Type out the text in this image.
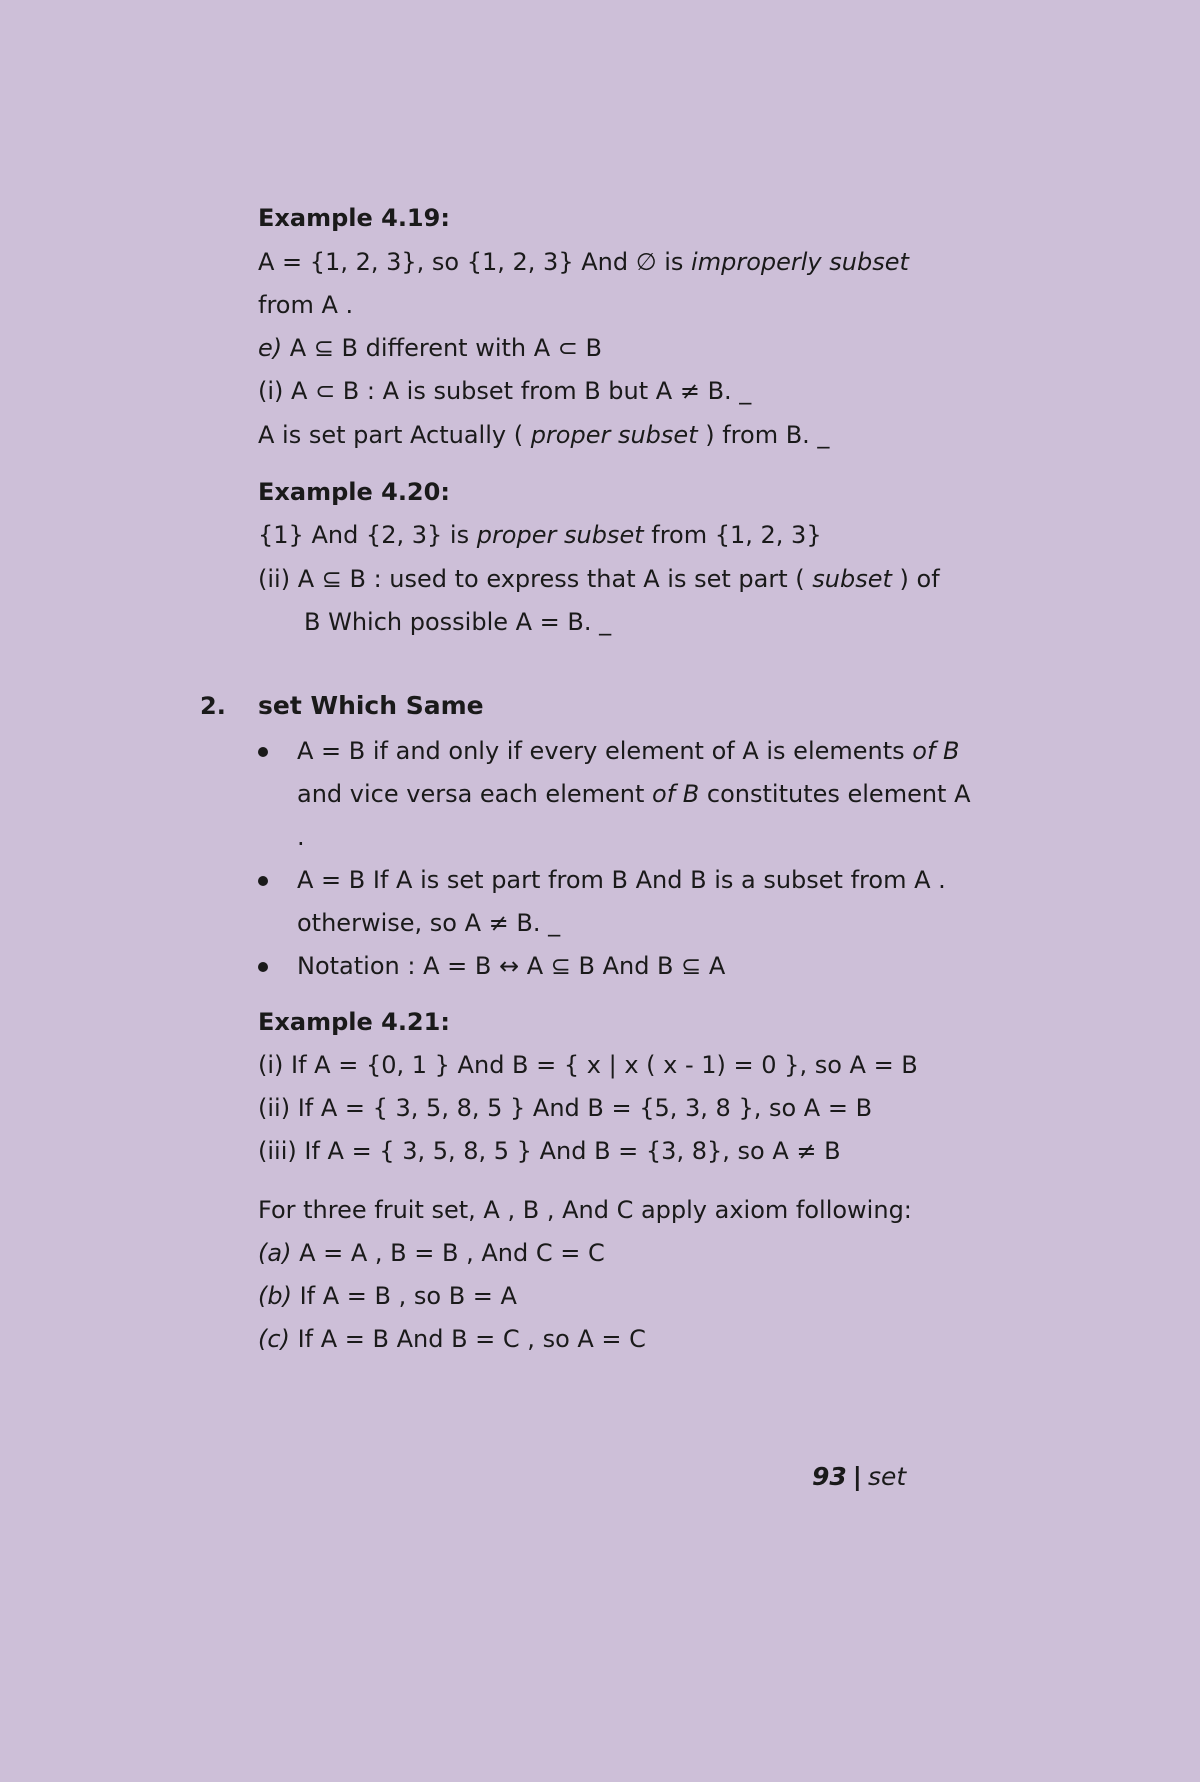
Example 4.19:
A = {1, 2, 3}, so {1, 2, 3} And ∅ is improperly subset
from A .
e) A ⊆ B different with A ⊂ B
(i) A ⊂ B : A is subset from B but A ≠ B. _
A is set part Actually ( proper subset ) from B. _
Example 4.20:
{1} And {2, 3} is proper subset from {1, 2, 3}
(ii) A ⊆ B : used to express that A is set part ( subset ) of
B Which possible A = B. _
2. set Which Same
A = B if and only if every element of A is elements of B
and vice versa each element of B constitutes element A
.
A = B If A is set part from B And B is a subset from A .
otherwise, so A ≠ B. _
Notation : A = B ↔ A ⊆ B And B ⊆ A
Example 4.21:
(i) If A = {0, 1 } And B = { x | x ( x - 1) = 0 }, so A = B
(ii) If A = { 3, 5, 8, 5 } And B = {5, 3, 8 }, so A = B
(iii) If A = { 3, 5, 8, 5 } And B = {3, 8}, so A ≠ B
For three fruit set, A , B , And C apply axiom following:
(a) A = A , B = B , And C = C
(b) If A = B , so B = A
(c) If A = B And B = C , so A = C
93 | set
